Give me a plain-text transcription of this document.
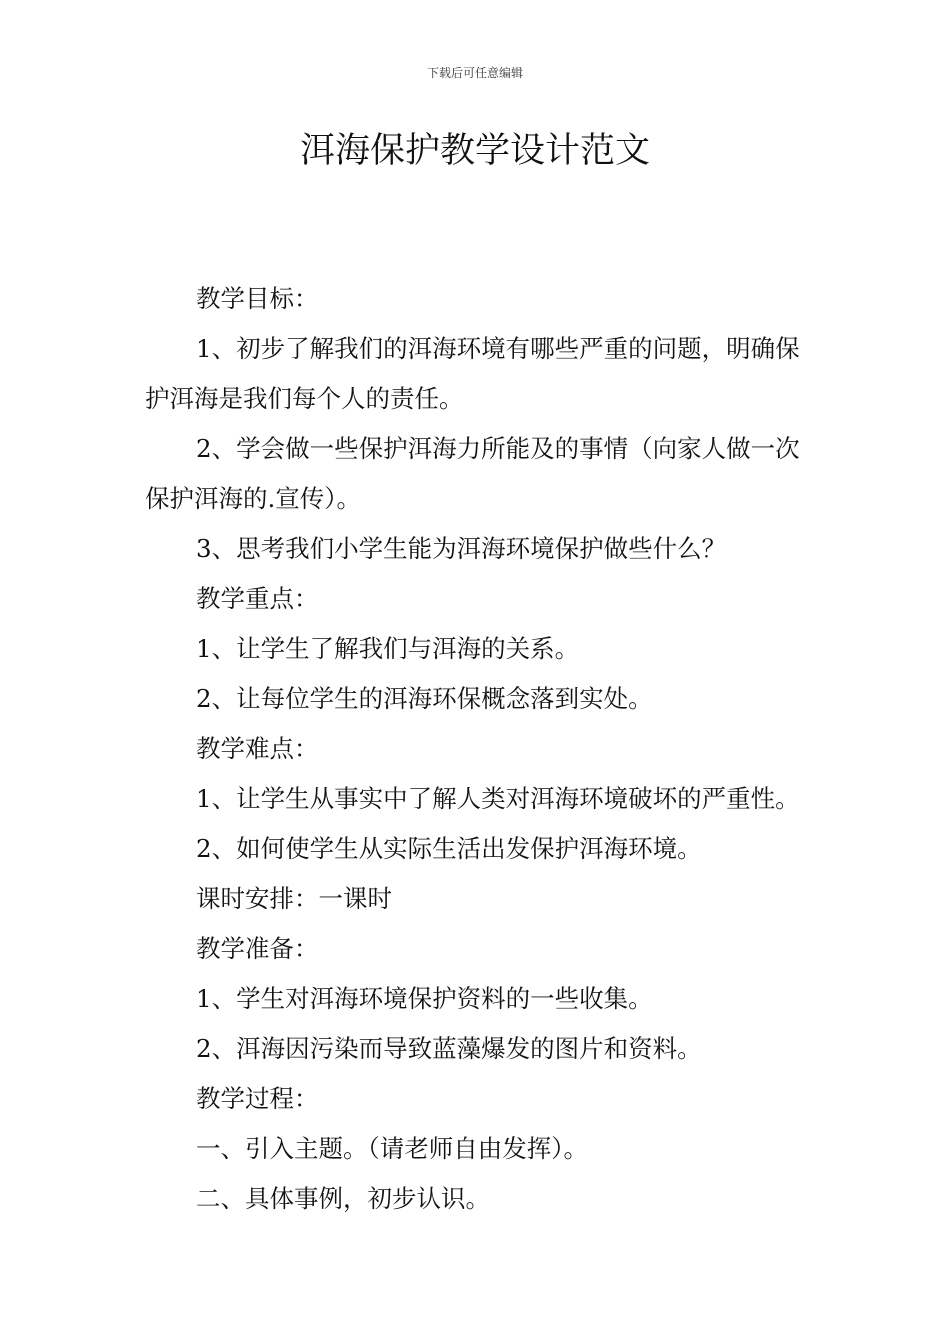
下载后可任意编辑
洱海保护教学设计范文

教学目标：

1、初步了解我们的洱海环境有哪些严重的问题，明确保护洱海是我们每个人的责任。

2、学会做一些保护洱海力所能及的事情（向家人做一次保护洱海的.宣传）。

3、思考我们小学生能为洱海环境保护做些什么？

教学重点：

1、让学生了解我们与洱海的关系。

2、让每位学生的洱海环保概念落到实处。

教学难点：

1、让学生从事实中了解人类对洱海环境破坏的严重性。

2、如何使学生从实际生活出发保护洱海环境。

课时安排：一课时

教学准备：

1、学生对洱海环境保护资料的一些收集。

2、洱海因污染而导致蓝藻爆发的图片和资料。

教学过程：

一、引入主题。（请老师自由发挥）。

二、具体事例，初步认识。
